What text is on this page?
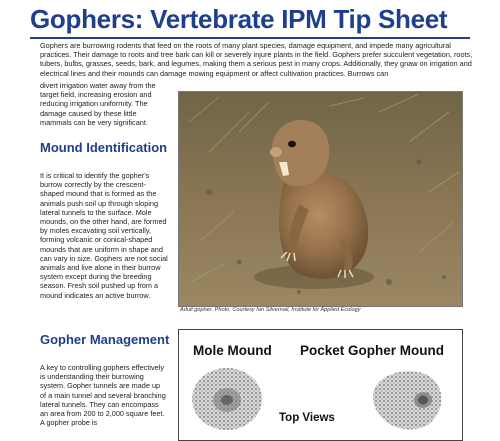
Gophers: Vertebrate IPM Tip Sheet

Gophers are burrowing rodents that feed on the roots of many plant species, damage equipment, and impede many agricultural practices. Their damage to roots and tree bark can kill or severely injure plants in the field. Gophers prefer succulent vegetation, roots, tubers, bulbs, grasses, seeds, bark, and legumes, making them a serious pest in many crops. Additionally, they gnaw on irrigation and electrical lines and their mounds can damage mowing equipment or affect cultivation practices. Burrows can

divert irrigation water away from the target field, increasing erosion and reducing irrigation uniformity. The damage caused by these little mammals can be very significant.

Mound Identification

It is critical to identify the gopher's burrow correctly by the crescent-shaped mound that is formed as the animals push soil up through sloping lateral tunnels to the surface. Mole mounds, on the other hand, are formed by moles excavating soil vertically, forming volcanic or conical-shaped mounds that are uniform in shape and can vary in size. Gophers are not social animals and live alone in their burrow system except during the breeding season. Fresh soil pushed up from a mound indicates an active burrow.

Gopher Management

A key to controlling gophers effectively is understanding their burrowing system. Gopher tunnels are made up of a main tunnel and several branching lateral tunnels. They can encompass an area from 200 to 2,000 square feet. A gopher probe is

Adult gopher. Photo: Courtesy Ian Silvernail, Institute for Applied Ecology

Mole Mound Pocket Gopher Mound

Top Views
